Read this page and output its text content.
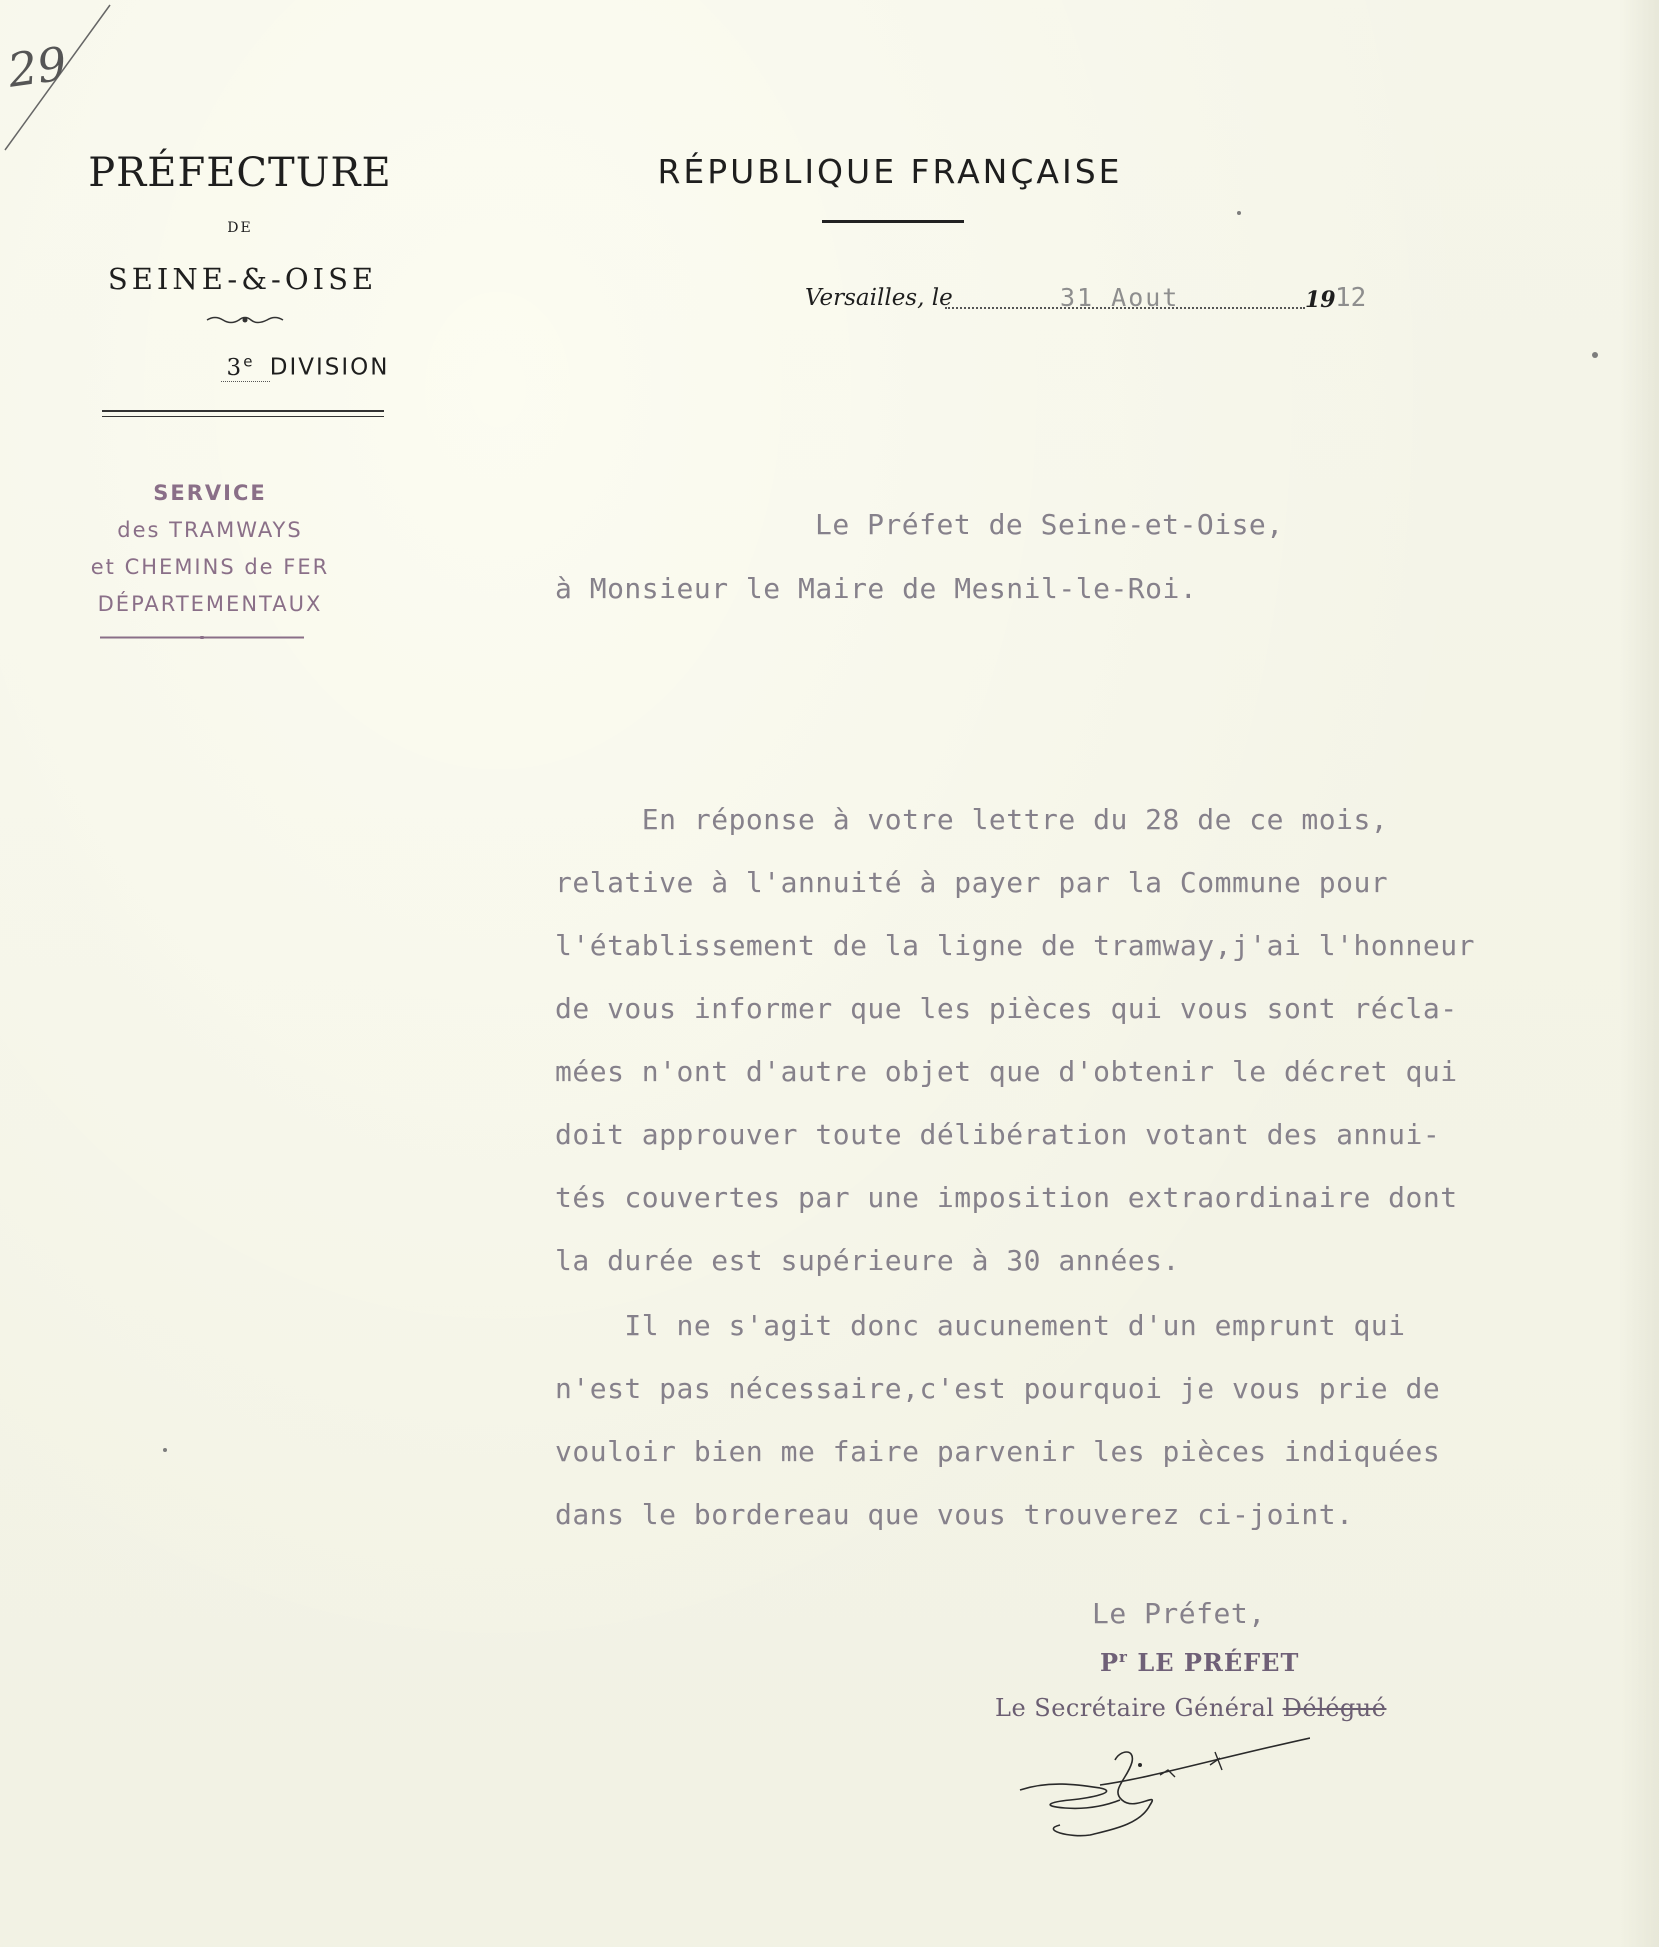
29
PRÉFECTURE
DE
SEINE-&-OISE
3e DIVISION
SERVICE
des TRAMWAYS
et CHEMINS de FER
DÉPARTEMENTAUX
RÉPUBLIQUE FRANÇAISE
Versailles, le	31 Aout	19 12
Le Préfet de Seine-et-Oise,
à Monsieur le Maire de Mesnil-le-Roi.
En réponse à votre lettre du 28 de ce mois,
relative à l'annuité à payer par la Commune pour
l'établissement de la ligne de tramway,j'ai l'honneur
de vous informer que les pièces qui vous sont récla-
mées n'ont d'autre objet que d'obtenir le décret qui
doit approuver toute délibération votant des annui-
tés couvertes par une imposition extraordinaire dont
la durée est supérieure à 30 années.
Il ne s'agit donc aucunement d'un emprunt qui
n'est pas nécessaire,c'est pourquoi je vous prie de
vouloir bien me faire parvenir les pièces indiquées
dans le bordereau que vous trouverez ci-joint.
Le Préfet,
$P^r$ LE PRÉFET
Le Secrétaire Général Délégué
